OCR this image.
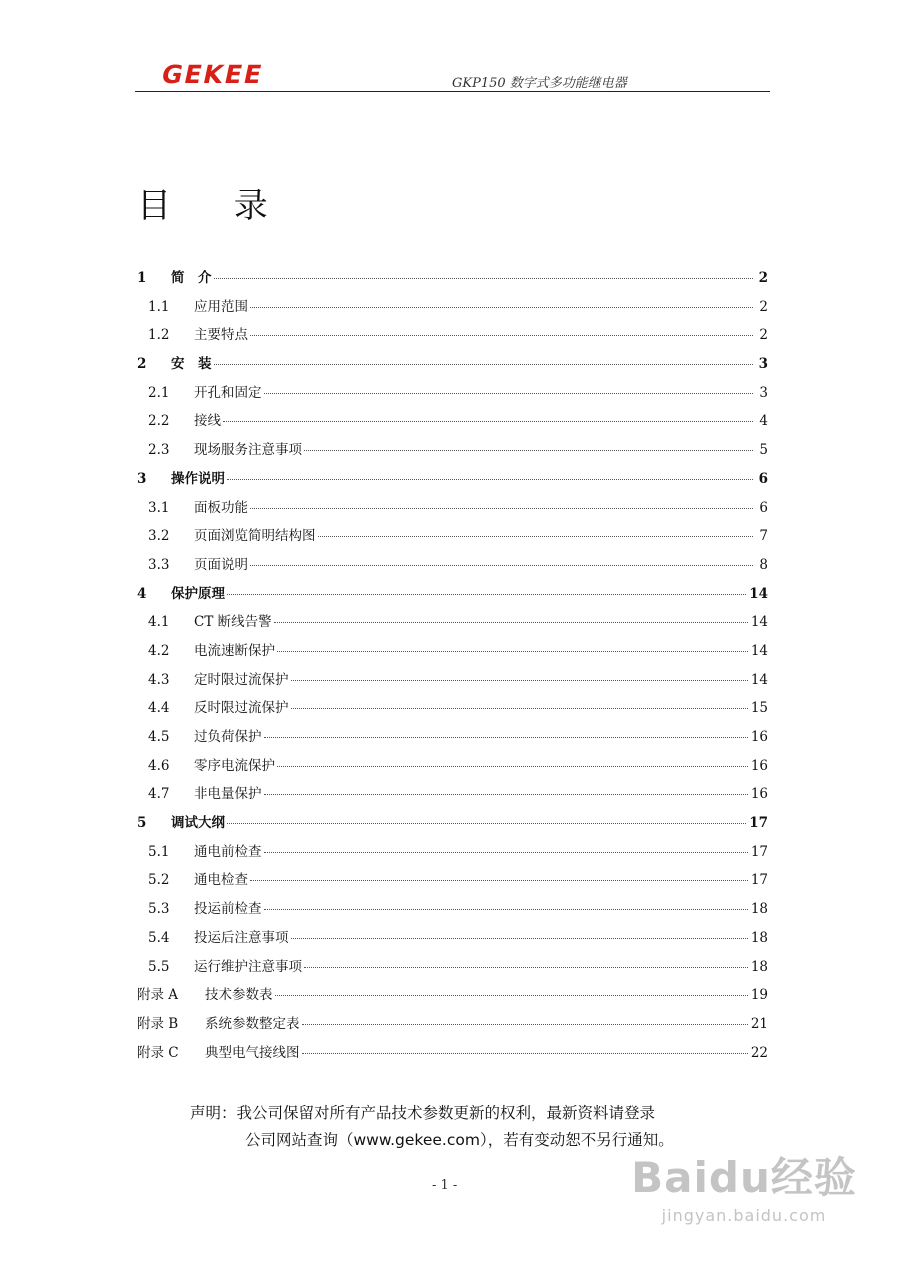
GEKEE	GKP150 数字式多功能继电器
目 录
1	简　介	2
1.1	应用范围	2
1.2	主要特点	2
2	安　装	3
2.1	开孔和固定	3
2.2	接线	4
2.3	现场服务注意事项	5
3	操作说明	6
3.1	面板功能	6
3.2	页面浏览简明结构图	7
3.3	页面说明	8
4	保护原理	14
4.1	CT 断线告警	14
4.2	电流速断保护	14
4.3	定时限过流保护	14
4.4	反时限过流保护	15
4.5	过负荷保护	16
4.6	零序电流保护	16
4.7	非电量保护	16
5	调试大纲	17
5.1	通电前检查	17
5.2	通电检查	17
5.3	投运前检查	18
5.4	投运后注意事项	18
5.5	运行维护注意事项	18
附录 A	技术参数表	19
附录 B	系统参数整定表	21
附录 C	典型电气接线图	22
声明：我公司保留对所有产品技术参数更新的权利，最新资料请登录
公司网站查询（www.gekee.com），若有变动恕不另行通知。
- 1 -	Baidu经验
jingyan.baidu.com
